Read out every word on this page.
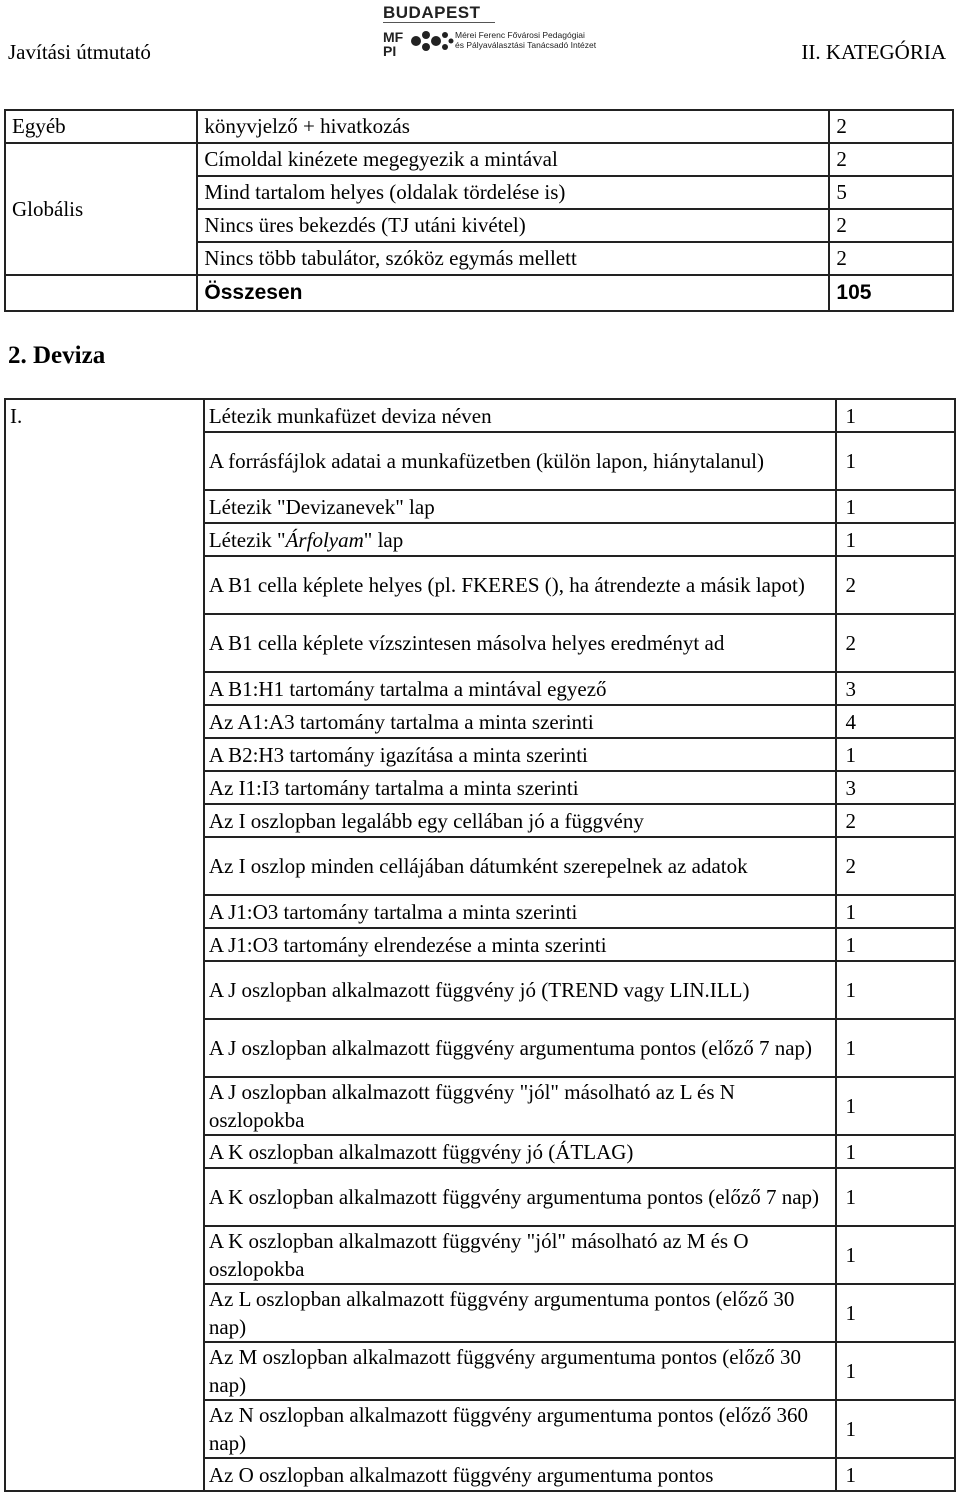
Javítási útmutató
BUDAPEST
MF
PI
Mérei Ferenc Fővárosi Pedagógiai
és Pályaválasztási Tanácsadó Intézet	II. KATEGÓRIA
Egyéb	könyvjelző + hivatkozás	2
Globális	Címoldal kinézete megegyezik a mintával	2
	Mind tartalom helyes (oldalak tördelése is)	5
	Nincs üres bekezdés (TJ utáni kivétel)	2
	Nincs több tabulátor, szóköz egymás mellett	2
	Összesen	105
2. Deviza
I.	Létezik munkafüzet deviza néven	1
	A forrásfájlok adatai a munkafüzetben (külön lapon, hiánytalanul)	1
	Létezik "Devizanevek" lap	1
	Létezik "Árfolyam" lap	1
	A B1 cella képlete helyes (pl. FKERES (), ha átrendezte a másik lapot)	2
	A B1 cella képlete vízszintesen másolva helyes eredményt ad	2
	A B1:H1 tartomány tartalma a mintával egyező	3
	Az A1:A3 tartomány tartalma a minta szerinti	4
	A B2:H3 tartomány igazítása a minta szerinti	1
	Az I1:I3 tartomány tartalma a minta szerinti	3
	Az I oszlopban legalább egy cellában jó a függvény	2
	Az I oszlop minden cellájában dátumként szerepelnek az adatok	2
	A J1:O3 tartomány tartalma a minta szerinti	1
	A J1:O3 tartomány elrendezése a minta szerinti	1
	A J oszlopban alkalmazott függvény jó (TREND vagy LIN.ILL)	1
	A J oszlopban alkalmazott függvény argumentuma pontos (előző 7 nap)	1
	A J oszlopban alkalmazott függvény "jól" másolható az L és N oszlopokba	1
	A K oszlopban alkalmazott függvény jó (ÁTLAG)	1
	A K oszlopban alkalmazott függvény argumentuma pontos (előző 7 nap)	1
	A K oszlopban alkalmazott függvény "jól" másolható az M és O oszlopokba	1
	Az L oszlopban alkalmazott függvény argumentuma pontos (előző 30 nap)	1
	Az M oszlopban alkalmazott függvény argumentuma pontos (előző 30 nap)	1
	Az N oszlopban alkalmazott függvény argumentuma pontos (előző 360 nap)	1
	Az O oszlopban alkalmazott függvény argumentuma pontos	1
